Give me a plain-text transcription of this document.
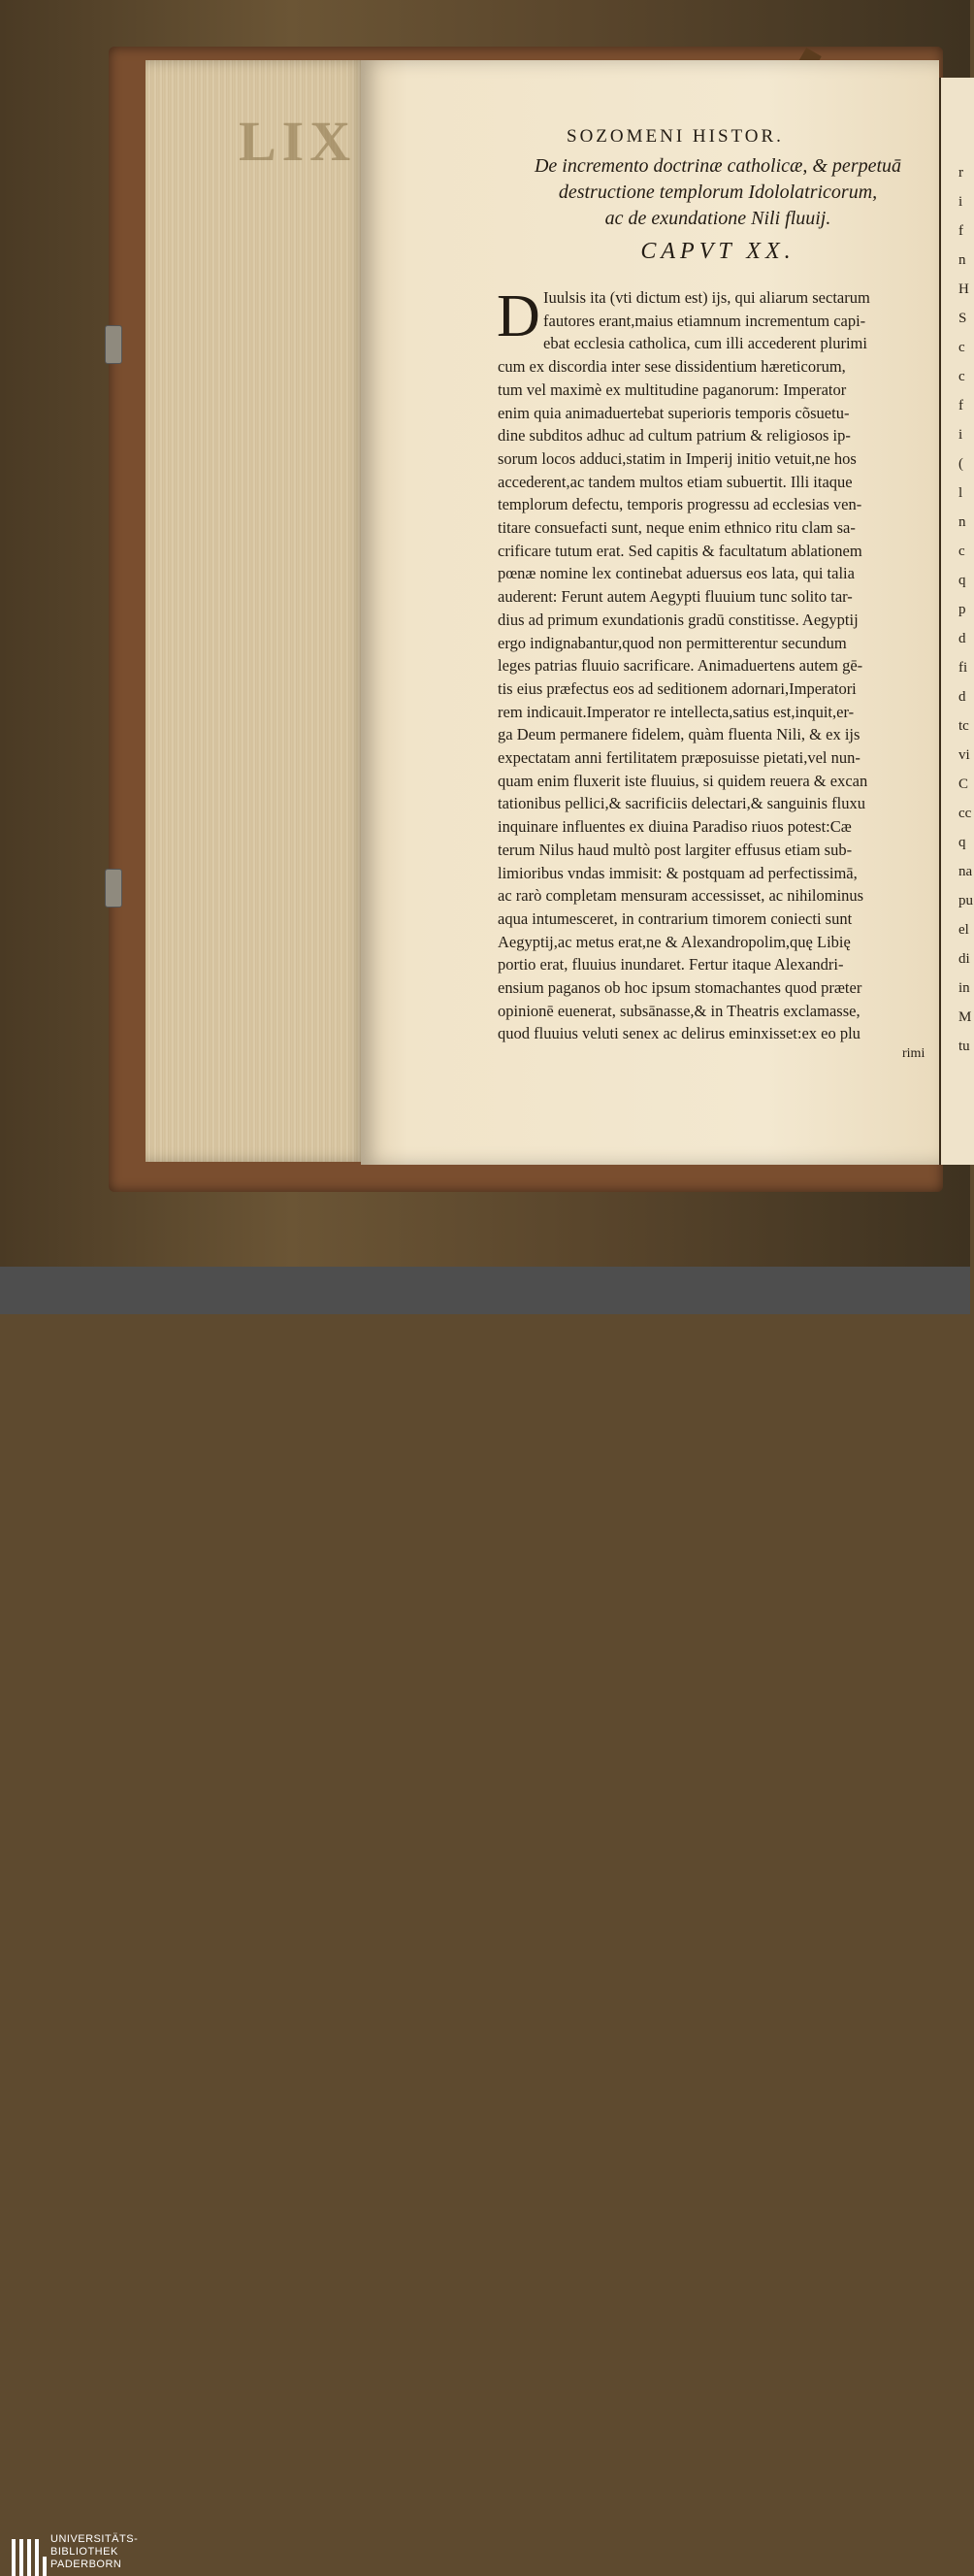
LIX	r
i
f
n
H
S
c
c
f
i
(
l
n
c
q
p
d
fi
d
tc
vi
C
cc
q
na
pu
el
di
in
M
tu
SOZOMENI HISTOR.
De incremento doctrinæ catholicæ, & perpetuā
destructione templorum Idololatricorum,
ac de exundatione Nili fluuij.
CAPVT XX.
D Iuulsis ita (vti dictum est) ijs, qui aliarum sectarum
fautores erant,maius etiamnum incrementum capi-
ebat ecclesia catholica, cum illi accederent plurimi
cum ex discordia inter sese dissidentium hæreticorum,
tum vel maximè ex multitudine paganorum: Imperator
enim quia animaduertebat superioris temporis cõsuetu-
dine subditos adhuc ad cultum patrium & religiosos ip-
sorum locos adduci,statim in Imperij initio vetuit,ne hos
accederent,ac tandem multos etiam subuertit. Illi itaque
templorum defectu, temporis progressu ad ecclesias ven-
titare consuefacti sunt, neque enim ethnico ritu clam sa-
crificare tutum erat. Sed capitis & facultatum ablationem
pœnæ nomine lex continebat aduersus eos lata, qui talia
auderent: Ferunt autem Aegypti fluuium tunc solito tar-
dius ad primum exundationis gradū constitisse. Aegyptij
ergo indignabantur,quod non permitterentur secundum
leges patrias fluuio sacrificare. Animaduertens autem gē-
tis eius præfectus eos ad seditionem adornari,Imperatori
rem indicauit.Imperator re intellecta,satius est,inquit,er-
ga Deum permanere fidelem, quàm fluenta Nili, & ex ijs
expectatam anni fertilitatem præposuisse pietati,vel nun-
quam enim fluxerit iste fluuius, si quidem reuera & excan
tationibus pellici,& sacrificiis delectari,& sanguinis fluxu
inquinare influentes ex diuina Paradiso riuos potest:Cæ
terum Nilus haud multò post largiter effusus etiam sub-
limioribus vndas immisit: & postquam ad perfectissimā,
ac rarò completam mensuram accessisset, ac nihilominus
aqua intumesceret, in contrarium timorem coniecti sunt
Aegyptij,ac metus erat,ne & Alexandropolim,quę Libię
portio erat, fluuius inundaret. Fertur itaque Alexandri-
ensium paganos ob hoc ipsum stomachantes quod præter
opinionē euenerat, subsānasse,& in Theatris exclamasse,
quod fluuius veluti senex ac delirus eminxisset:ex eo plu
rimi
UNIVERSITÄTS-
BIBLIOTHEK
PADERBORN
